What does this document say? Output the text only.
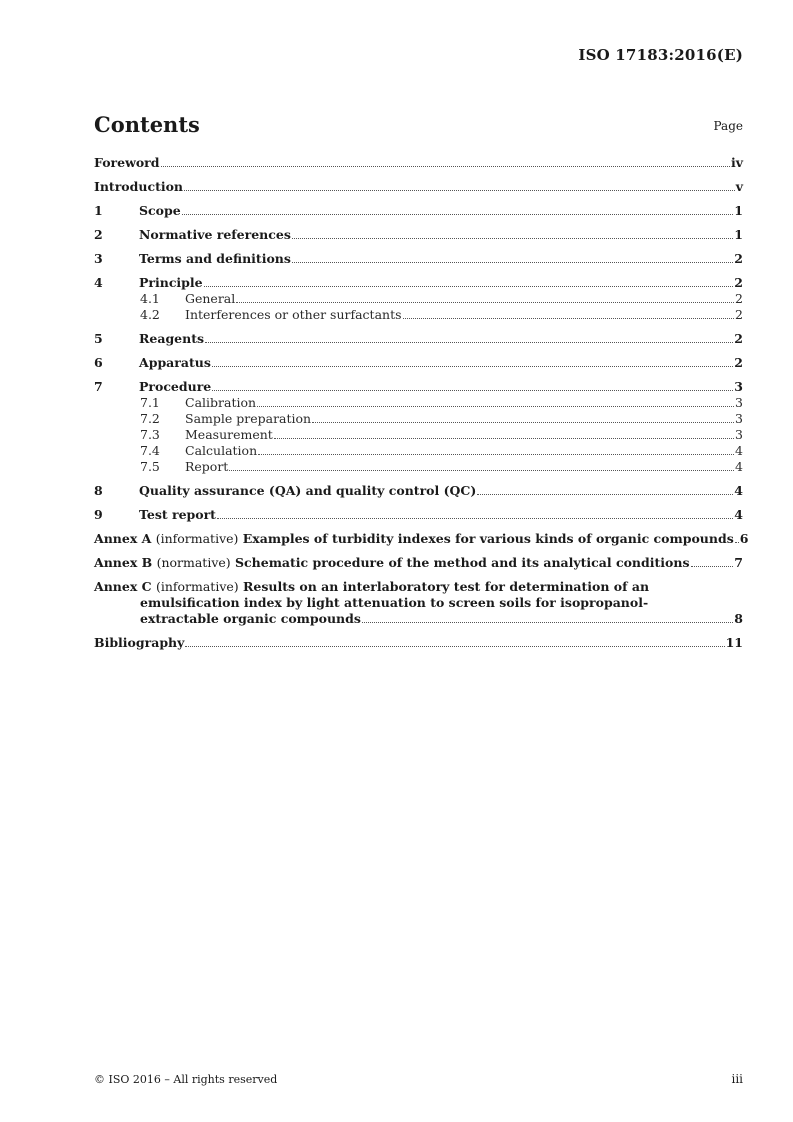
ISO 17183:2016(E)
Contents	Page
Foreword	iv
Introduction	v
1	Scope	1
2	Normative references	1
3	Terms and definitions	2
4	Principle	2
4.1	General	2
4.2	Interferences or other surfactants	2
5	Reagents	2
6	Apparatus	2
7	Procedure	3
7.1	Calibration	3
7.2	Sample preparation	3
7.3	Measurement	3
7.4	Calculation	4
7.5	Report	4
8	Quality assurance (QA) and quality control (QC)	4
9	Test report	4
Annex A (informative) Examples of turbidity indexes for various kinds of organic compounds 6
Annex B (normative) Schematic procedure of the method and its analytical conditions	7
Annex C (informative) Results on an interlaboratory test for determination of an
emulsification index by light attenuation to screen soils for isopropanol-
extractable organic compounds	8
Bibliography	11
© ISO 2016 – All rights reserved	iii
